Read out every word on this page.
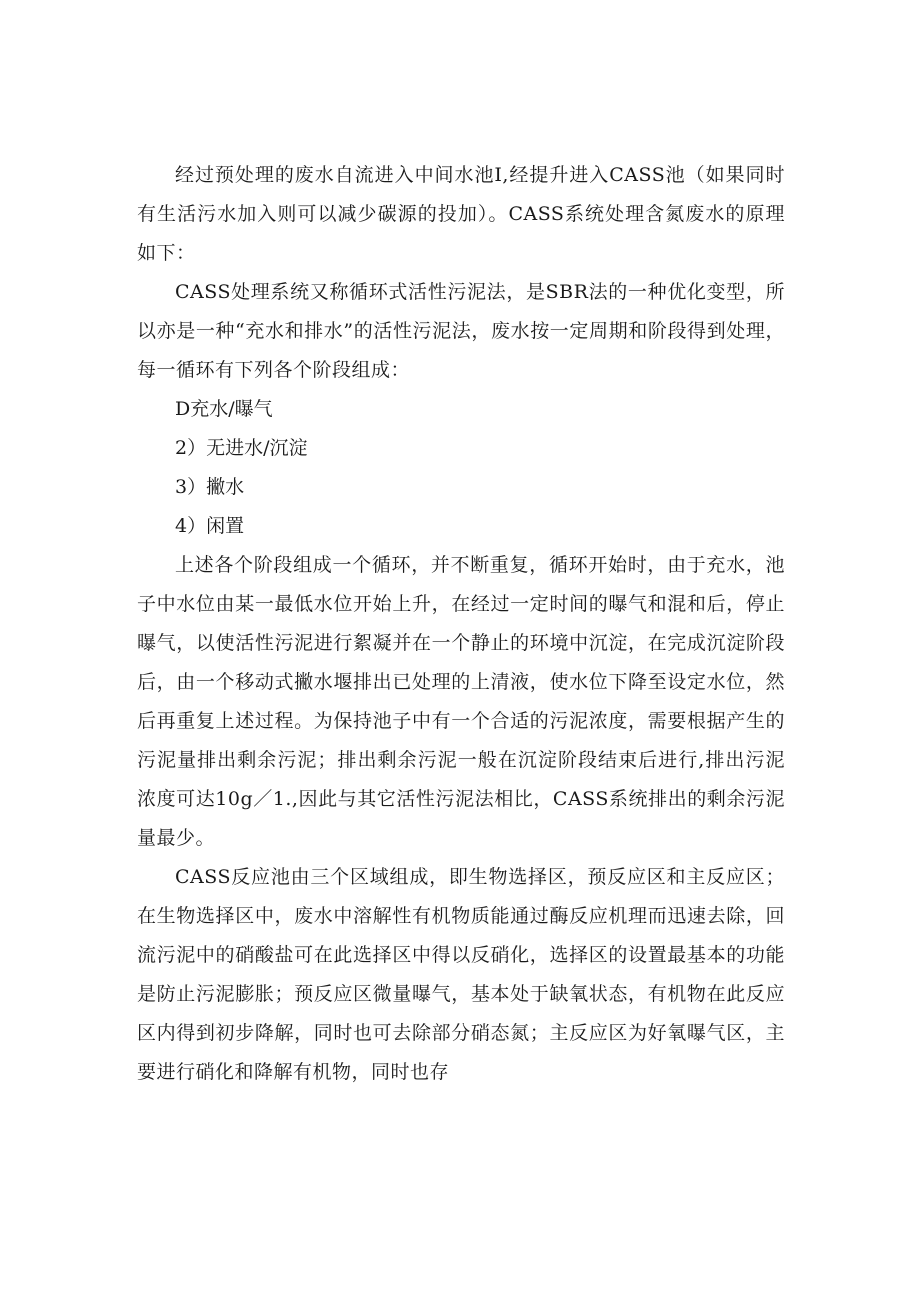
经过预处理的废水自流进入中间水池I,经提升进入CASS池（如果同时有生活污水加入则可以减少碳源的投加）。CASS系统处理含氮废水的原理如下：

CASS处理系统又称循环式活性污泥法，是SBR法的一种优化变型，所以亦是一种“充水和排水”的活性污泥法，废水按一定周期和阶段得到处理，每一循环有下列各个阶段组成：

D充水/曝气

2）无进水/沉淀

3）撇水

4）闲置

上述各个阶段组成一个循环，并不断重复，循环开始时，由于充水，池子中水位由某一最低水位开始上升，在经过一定时间的曝气和混和后，停止曝气，以使活性污泥进行絮凝并在一个静止的环境中沉淀，在完成沉淀阶段后，由一个移动式撇水堰排出已处理的上清液，使水位下降至设定水位，然后再重复上述过程。为保持池子中有一个合适的污泥浓度，需要根据产生的污泥量排出剩余污泥；排出剩余污泥一般在沉淀阶段结束后进行,排出污泥浓度可达10g／1.,因此与其它活性污泥法相比，CASS系统排出的剩余污泥量最少。

CASS反应池由三个区域组成，即生物选择区，预反应区和主反应区；在生物选择区中，废水中溶解性有机物质能通过酶反应机理而迅速去除，回流污泥中的硝酸盐可在此选择区中得以反硝化，选择区的设置最基本的功能是防止污泥膨胀；预反应区微量曝气，基本处于缺氧状态，有机物在此反应区内得到初步降解，同时也可去除部分硝态氮；主反应区为好氧曝气区，主要进行硝化和降解有机物，同时也存
